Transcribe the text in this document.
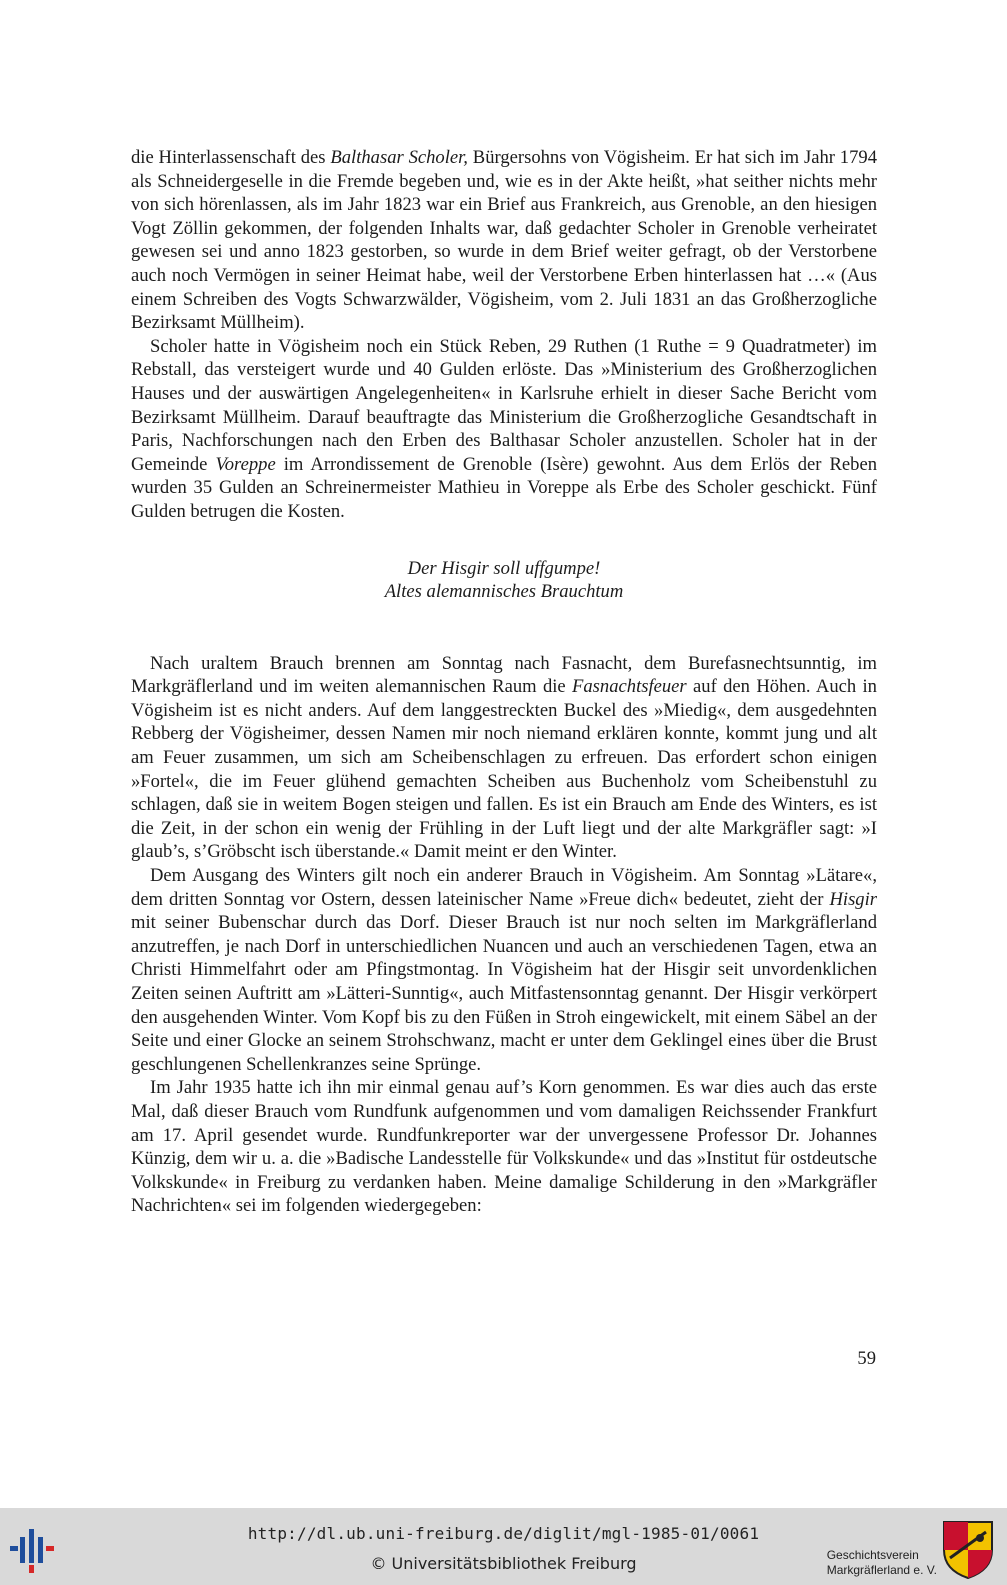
die Hinterlassenschaft des Balthasar Scholer, Bürgersohns von Vögisheim. Er hat sich im Jahr 1794 als Schneidergeselle in die Fremde begeben und, wie es in der Akte heißt, »hat seither nichts mehr von sich hörenlassen, als im Jahr 1823 war ein Brief aus Frankreich, aus Grenoble, an den hiesigen Vogt Zöllin gekommen, der folgenden Inhalts war, daß gedachter Scholer in Grenoble verheiratet gewesen sei und anno 1823 gestorben, so wurde in dem Brief weiter gefragt, ob der Verstorbene auch noch Vermögen in seiner Heimat habe, weil der Verstorbene Erben hinterlassen hat …« (Aus einem Schreiben des Vogts Schwarzwälder, Vögisheim, vom 2. Juli 1831 an das Großherzogliche Bezirksamt Müllheim).

Scholer hatte in Vögisheim noch ein Stück Reben, 29 Ruthen (1 Ruthe = 9 Quadratmeter) im Rebstall, das versteigert wurde und 40 Gulden erlöste. Das »Ministerium des Großherzoglichen Hauses und der auswärtigen Angelegenheiten« in Karlsruhe erhielt in dieser Sache Bericht vom Bezirksamt Müllheim. Darauf beauftragte das Ministerium die Großherzogliche Gesandtschaft in Paris, Nachforschungen nach den Erben des Balthasar Scholer anzustellen. Scholer hat in der Gemeinde Voreppe im Arrondissement de Grenoble (Isère) gewohnt. Aus dem Erlös der Reben wurden 35 Gulden an Schreinermeister Mathieu in Voreppe als Erbe des Scholer geschickt. Fünf Gulden betrugen die Kosten.

Der Hisgir soll uffgumpe!
Altes alemannisches Brauchtum

Nach uraltem Brauch brennen am Sonntag nach Fasnacht, dem Burefasnechtsunntig, im Markgräflerland und im weiten alemannischen Raum die Fasnachtsfeuer auf den Höhen. Auch in Vögisheim ist es nicht anders. Auf dem langgestreckten Buckel des »Miedig«, dem ausgedehnten Rebberg der Vögisheimer, dessen Namen mir noch niemand erklären konnte, kommt jung und alt am Feuer zusammen, um sich am Scheibenschlagen zu erfreuen. Das erfordert schon einigen »Fortel«, die im Feuer glühend gemachten Scheiben aus Buchenholz vom Scheibenstuhl zu schlagen, daß sie in weitem Bogen steigen und fallen. Es ist ein Brauch am Ende des Winters, es ist die Zeit, in der schon ein wenig der Frühling in der Luft liegt und der alte Markgräfler sagt: »I glaub’s, s’Gröbscht isch überstande.« Damit meint er den Winter.

Dem Ausgang des Winters gilt noch ein anderer Brauch in Vögisheim. Am Sonntag »Lätare«, dem dritten Sonntag vor Ostern, dessen lateinischer Name »Freue dich« bedeutet, zieht der Hisgir mit seiner Bubenschar durch das Dorf. Dieser Brauch ist nur noch selten im Markgräflerland anzutreffen, je nach Dorf in unterschiedlichen Nuancen und auch an verschiedenen Tagen, etwa an Christi Himmelfahrt oder am Pfingstmontag. In Vögisheim hat der Hisgir seit unvordenklichen Zeiten seinen Auftritt am »Lätteri-Sunntig«, auch Mitfastensonntag genannt. Der Hisgir verkörpert den ausgehenden Winter. Vom Kopf bis zu den Füßen in Stroh eingewickelt, mit einem Säbel an der Seite und einer Glocke an seinem Strohschwanz, macht er unter dem Geklingel eines über die Brust geschlungenen Schellenkranzes seine Sprünge.

Im Jahr 1935 hatte ich ihn mir einmal genau auf’s Korn genommen. Es war dies auch das erste Mal, daß dieser Brauch vom Rundfunk aufgenommen und vom damaligen Reichssender Frankfurt am 17. April gesendet wurde. Rundfunkreporter war der unvergessene Professor Dr. Johannes Künzig, dem wir u. a. die »Badische Landesstelle für Volkskunde« und das »Institut für ostdeutsche Volkskunde« in Freiburg zu verdanken haben. Meine damalige Schilderung in den »Markgräfler Nachrichten« sei im folgenden wiedergegeben:

59
http://dl.ub.uni-freiburg.de/diglit/mgl-1985-01/0061
© Universitätsbibliothek Freiburg	Geschichtsverein
Markgräflerland e. V.
